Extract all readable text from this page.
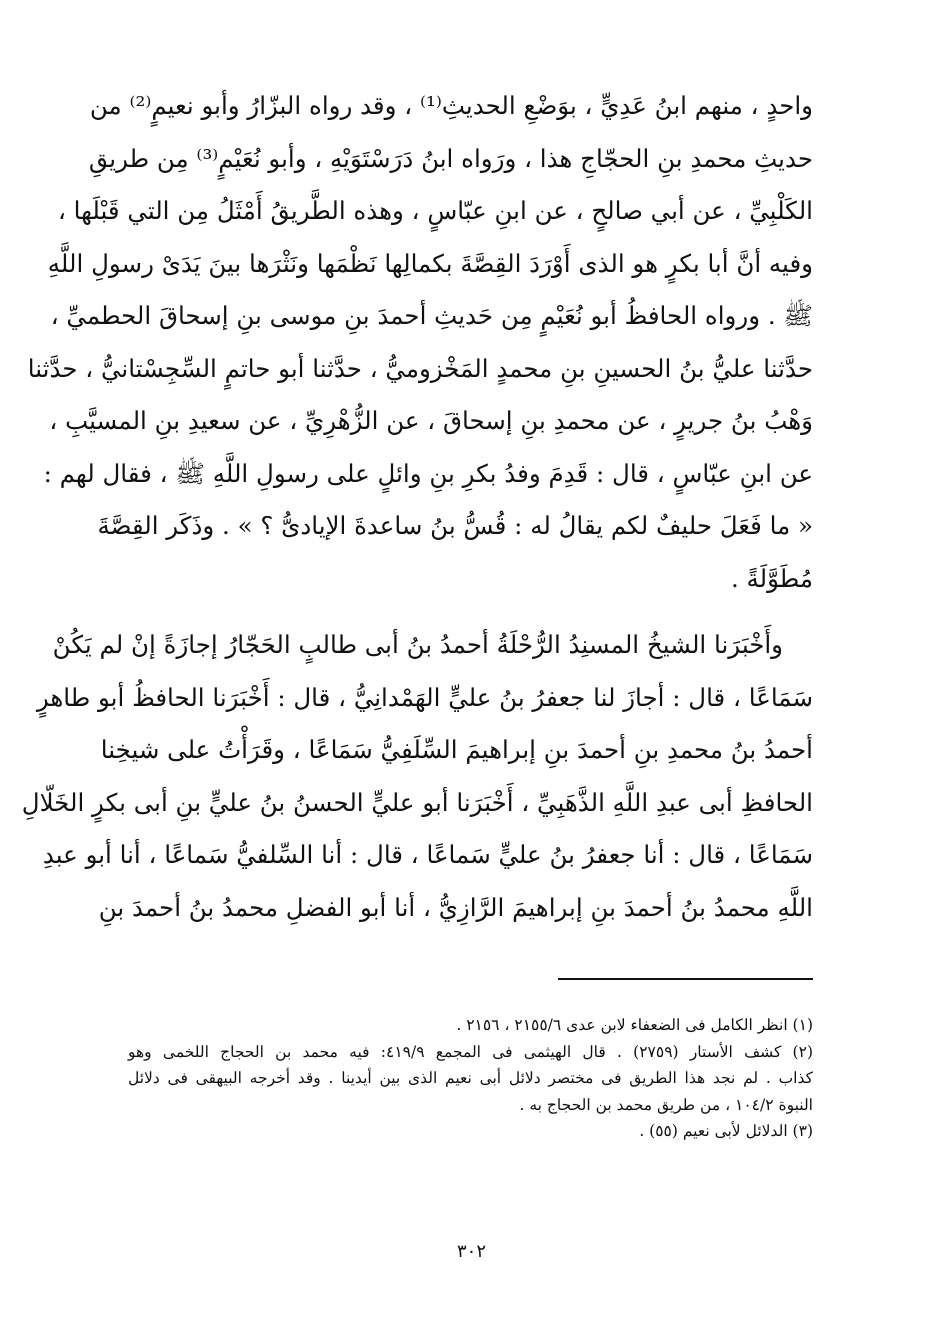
واحدٍ ، منهم ابنُ عَدِيٍّ ، بوَضْعِ الحديثِ⁽¹⁾ ، وقد رواه البزّارُ وأبو نعيمٍ⁽²⁾ من
حديثِ محمدِ بنِ الحجّاجِ هذا ، ورَواه ابنُ دَرَسْتَوَيْهِ ، وأبو نُعَيْمٍ⁽³⁾ مِن طريقِ
الكَلْبِيِّ ، عن أبي صالحٍ ، عن ابنِ عبّاسٍ ، وهذه الطَّريقُ أَمْثَلُ مِن التي قَبْلَها ،
وفيه أنَّ أبا بكرٍ هو الذى أَوْرَدَ القِصَّةَ بكمالِها نَظْمَها ونَثْرَها بينَ يَدَىْ رسولِ اللَّهِ
ﷺ . ورواه الحافظُ أبو نُعَيْمٍ مِن حَديثِ أحمدَ بنِ موسى بنِ إسحاقَ الحطميِّ ،
حدَّثنا عليُّ بنُ الحسينِ بنِ محمدٍ المَخْزوميُّ ، حدَّثنا أبو حاتمٍ السِّجِسْتانيُّ ، حدَّثنا
وَهْبُ بنُ جريرٍ ، عن محمدِ بنِ إسحاقَ ، عن الزُّهْرِيِّ ، عن سعيدِ بنِ المسيَّبِ ،
عن ابنِ عبّاسٍ ، قال : قَدِمَ وفدُ بكرِ بنِ وائلٍ على رسولِ اللَّهِ ﷺ ، فقال لهم :
« ما فَعَلَ حليفٌ لكم يقالُ له : قُسُّ بنُ ساعدةَ الإيادىُّ ؟ » . وذَكَر القِصَّةَ
مُطَوَّلَةً .
وأَخْبَرَنا الشيخُ المسنِدُ الرُّحْلَةُ أحمدُ بنُ أبى طالبٍ الحَجّارُ إجازَةً إنْ لم يَكُنْ
سَمَاعًا ، قال : أجازَ لنا جعفرُ بنُ عليٍّ الهَمْدانِيُّ ، قال : أَخْبَرَنا الحافظُ أبو طاهرٍ
أحمدُ بنُ محمدِ بنِ أحمدَ بنِ إبراهيمَ السِّلَفِيُّ سَمَاعًا ، وقَرَأْتُ على شيخِنا
الحافظِ أبى عبدِ اللَّهِ الذَّهَبِيِّ ، أَخْبَرَنا أبو عليٍّ الحسنُ بنُ عليٍّ بنِ أبى بكرٍ الخَلّالِ
سَمَاعًا ، قال : أنا جعفرُ بنُ عليٍّ سَماعًا ، قال : أنا السِّلفيُّ سَماعًا ، أنا أبو عبدِ
اللَّهِ محمدُ بنُ أحمدَ بنِ إبراهيمَ الرَّازِيُّ ، أنا أبو الفضلِ محمدُ بنُ أحمدَ بنِ
(١) انظر الكامل فى الضعفاء لابن عدى ٢١٥٥/٦ ، ٢١٥٦ .
(٢) كشف الأستار (٢٧٥٩) . قال الهيثمى فى المجمع ٤١٩/٩: فيه محمد بن الحجاج اللخمى وهو
كذاب . لم نجد هذا الطريق فى مختصر دلائل أبى نعيم الذى بين أيدينا . وقد أخرجه البيهقى فى دلائل
النبوة ١٠٤/٢ ، من طريق محمد بن الحجاج به .
(٣) الدلائل لأبى نعيم (٥٥) .
٣٠٢
